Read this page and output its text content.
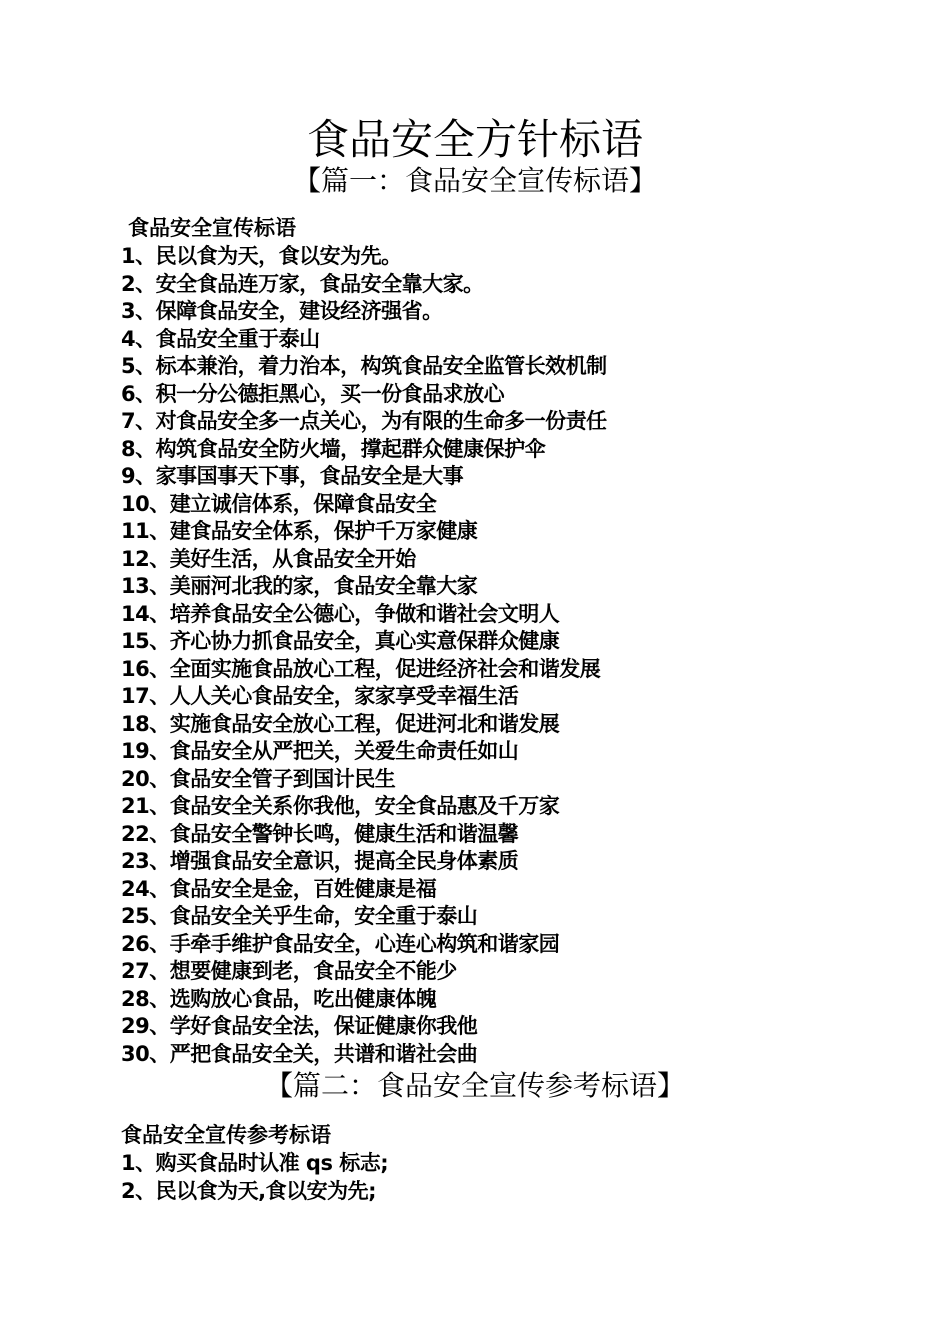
食品安全方针标语
【篇一：食品安全宣传标语】
食品安全宣传标语
1、民以食为天，食以安为先。
2、安全食品连万家，食品安全靠大家。
3、保障食品安全，建设经济强省。
4、食品安全重于泰山
5、标本兼治，着力治本，构筑食品安全监管长效机制
6、积一分公德拒黑心，买一份食品求放心
7、对食品安全多一点关心，为有限的生命多一份责任
8、构筑食品安全防火墙，撑起群众健康保护伞
9、家事国事天下事，食品安全是大事
10、建立诚信体系，保障食品安全
11、建食品安全体系，保护千万家健康
12、美好生活，从食品安全开始
13、美丽河北我的家，食品安全靠大家
14、培养食品安全公德心，争做和谐社会文明人
15、齐心协力抓食品安全，真心实意保群众健康
16、全面实施食品放心工程，促进经济社会和谐发展
17、人人关心食品安全，家家享受幸福生活
18、实施食品安全放心工程，促进河北和谐发展
19、食品安全从严把关，关爱生命责任如山
20、食品安全管子到国计民生
21、食品安全关系你我他，安全食品惠及千万家
22、食品安全警钟长鸣，健康生活和谐温馨
23、增强食品安全意识，提高全民身体素质
24、食品安全是金，百姓健康是福
25、食品安全关乎生命，安全重于泰山
26、手牵手维护食品安全，心连心构筑和谐家园
27、想要健康到老，食品安全不能少
28、选购放心食品，吃出健康体魄
29、学好食品安全法，保证健康你我他
30、严把食品安全关，共谱和谐社会曲
【篇二：食品安全宣传参考标语】
食品安全宣传参考标语
1、购买食品时认准 qs 标志;
2、民以食为天,食以安为先;
